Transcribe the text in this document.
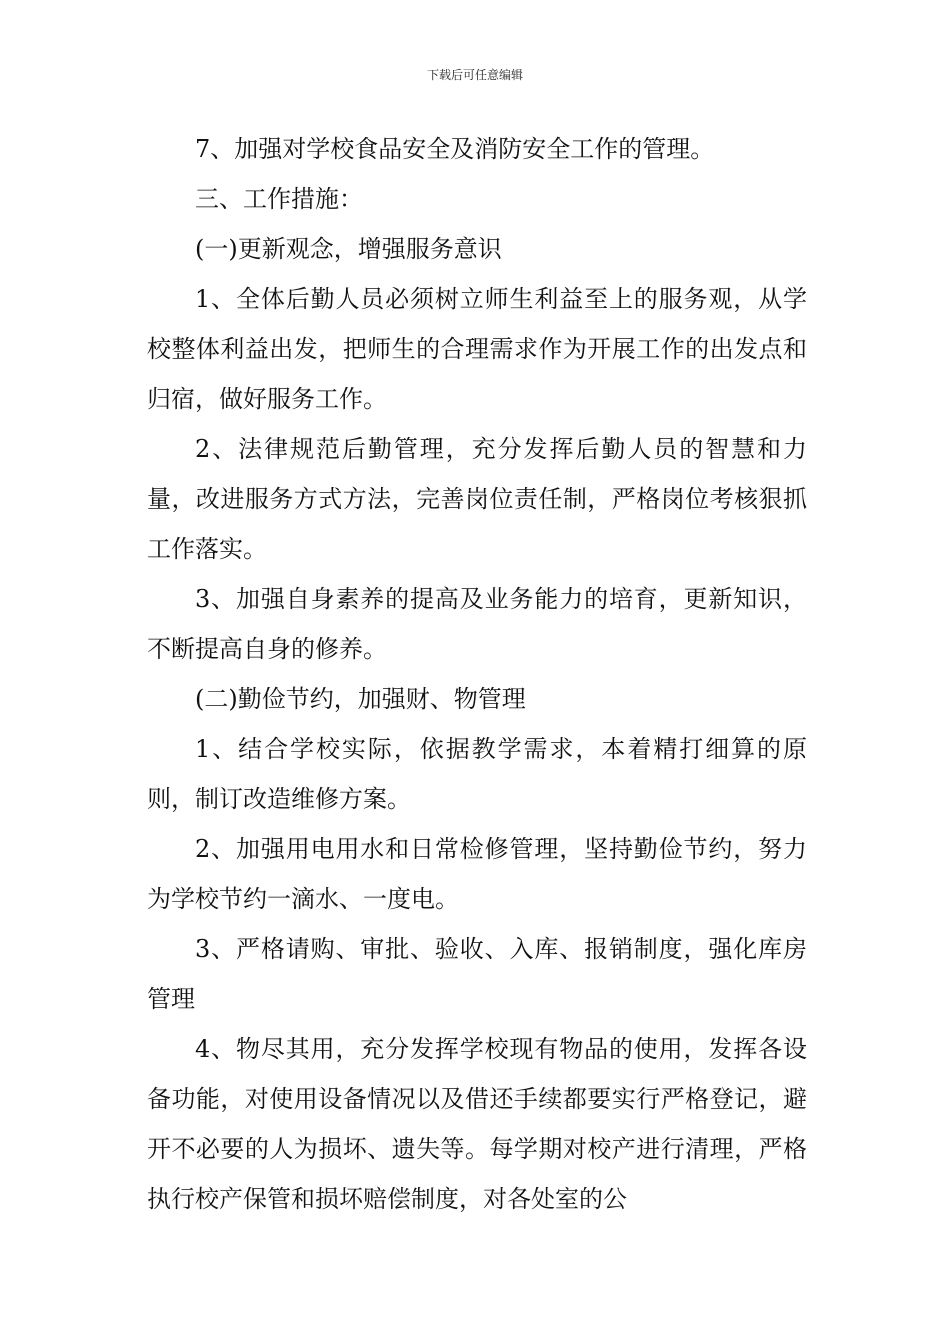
下载后可任意编辑

7、加强对学校食品安全及消防安全工作的管理。

三、工作措施：

(一)更新观念，增强服务意识

1、全体后勤人员必须树立师生利益至上的服务观，从学校整体利益出发，把师生的合理需求作为开展工作的出发点和归宿，做好服务工作。

2、法律规范后勤管理，充分发挥后勤人员的智慧和力量，改进服务方式方法，完善岗位责任制，严格岗位考核狠抓工作落实。

3、加强自身素养的提高及业务能力的培育，更新知识，不断提高自身的修养。

(二)勤俭节约，加强财、物管理

1、结合学校实际，依据教学需求，本着精打细算的原则，制订改造维修方案。

2、加强用电用水和日常检修管理，坚持勤俭节约，努力为学校节约一滴水、一度电。

3、严格请购、审批、验收、入库、报销制度，强化库房管理

4、物尽其用，充分发挥学校现有物品的使用，发挥各设备功能，对使用设备情况以及借还手续都要实行严格登记，避开不必要的人为损坏、遗失等。每学期对校产进行清理，严格执行校产保管和损坏赔偿制度，对各处室的公
